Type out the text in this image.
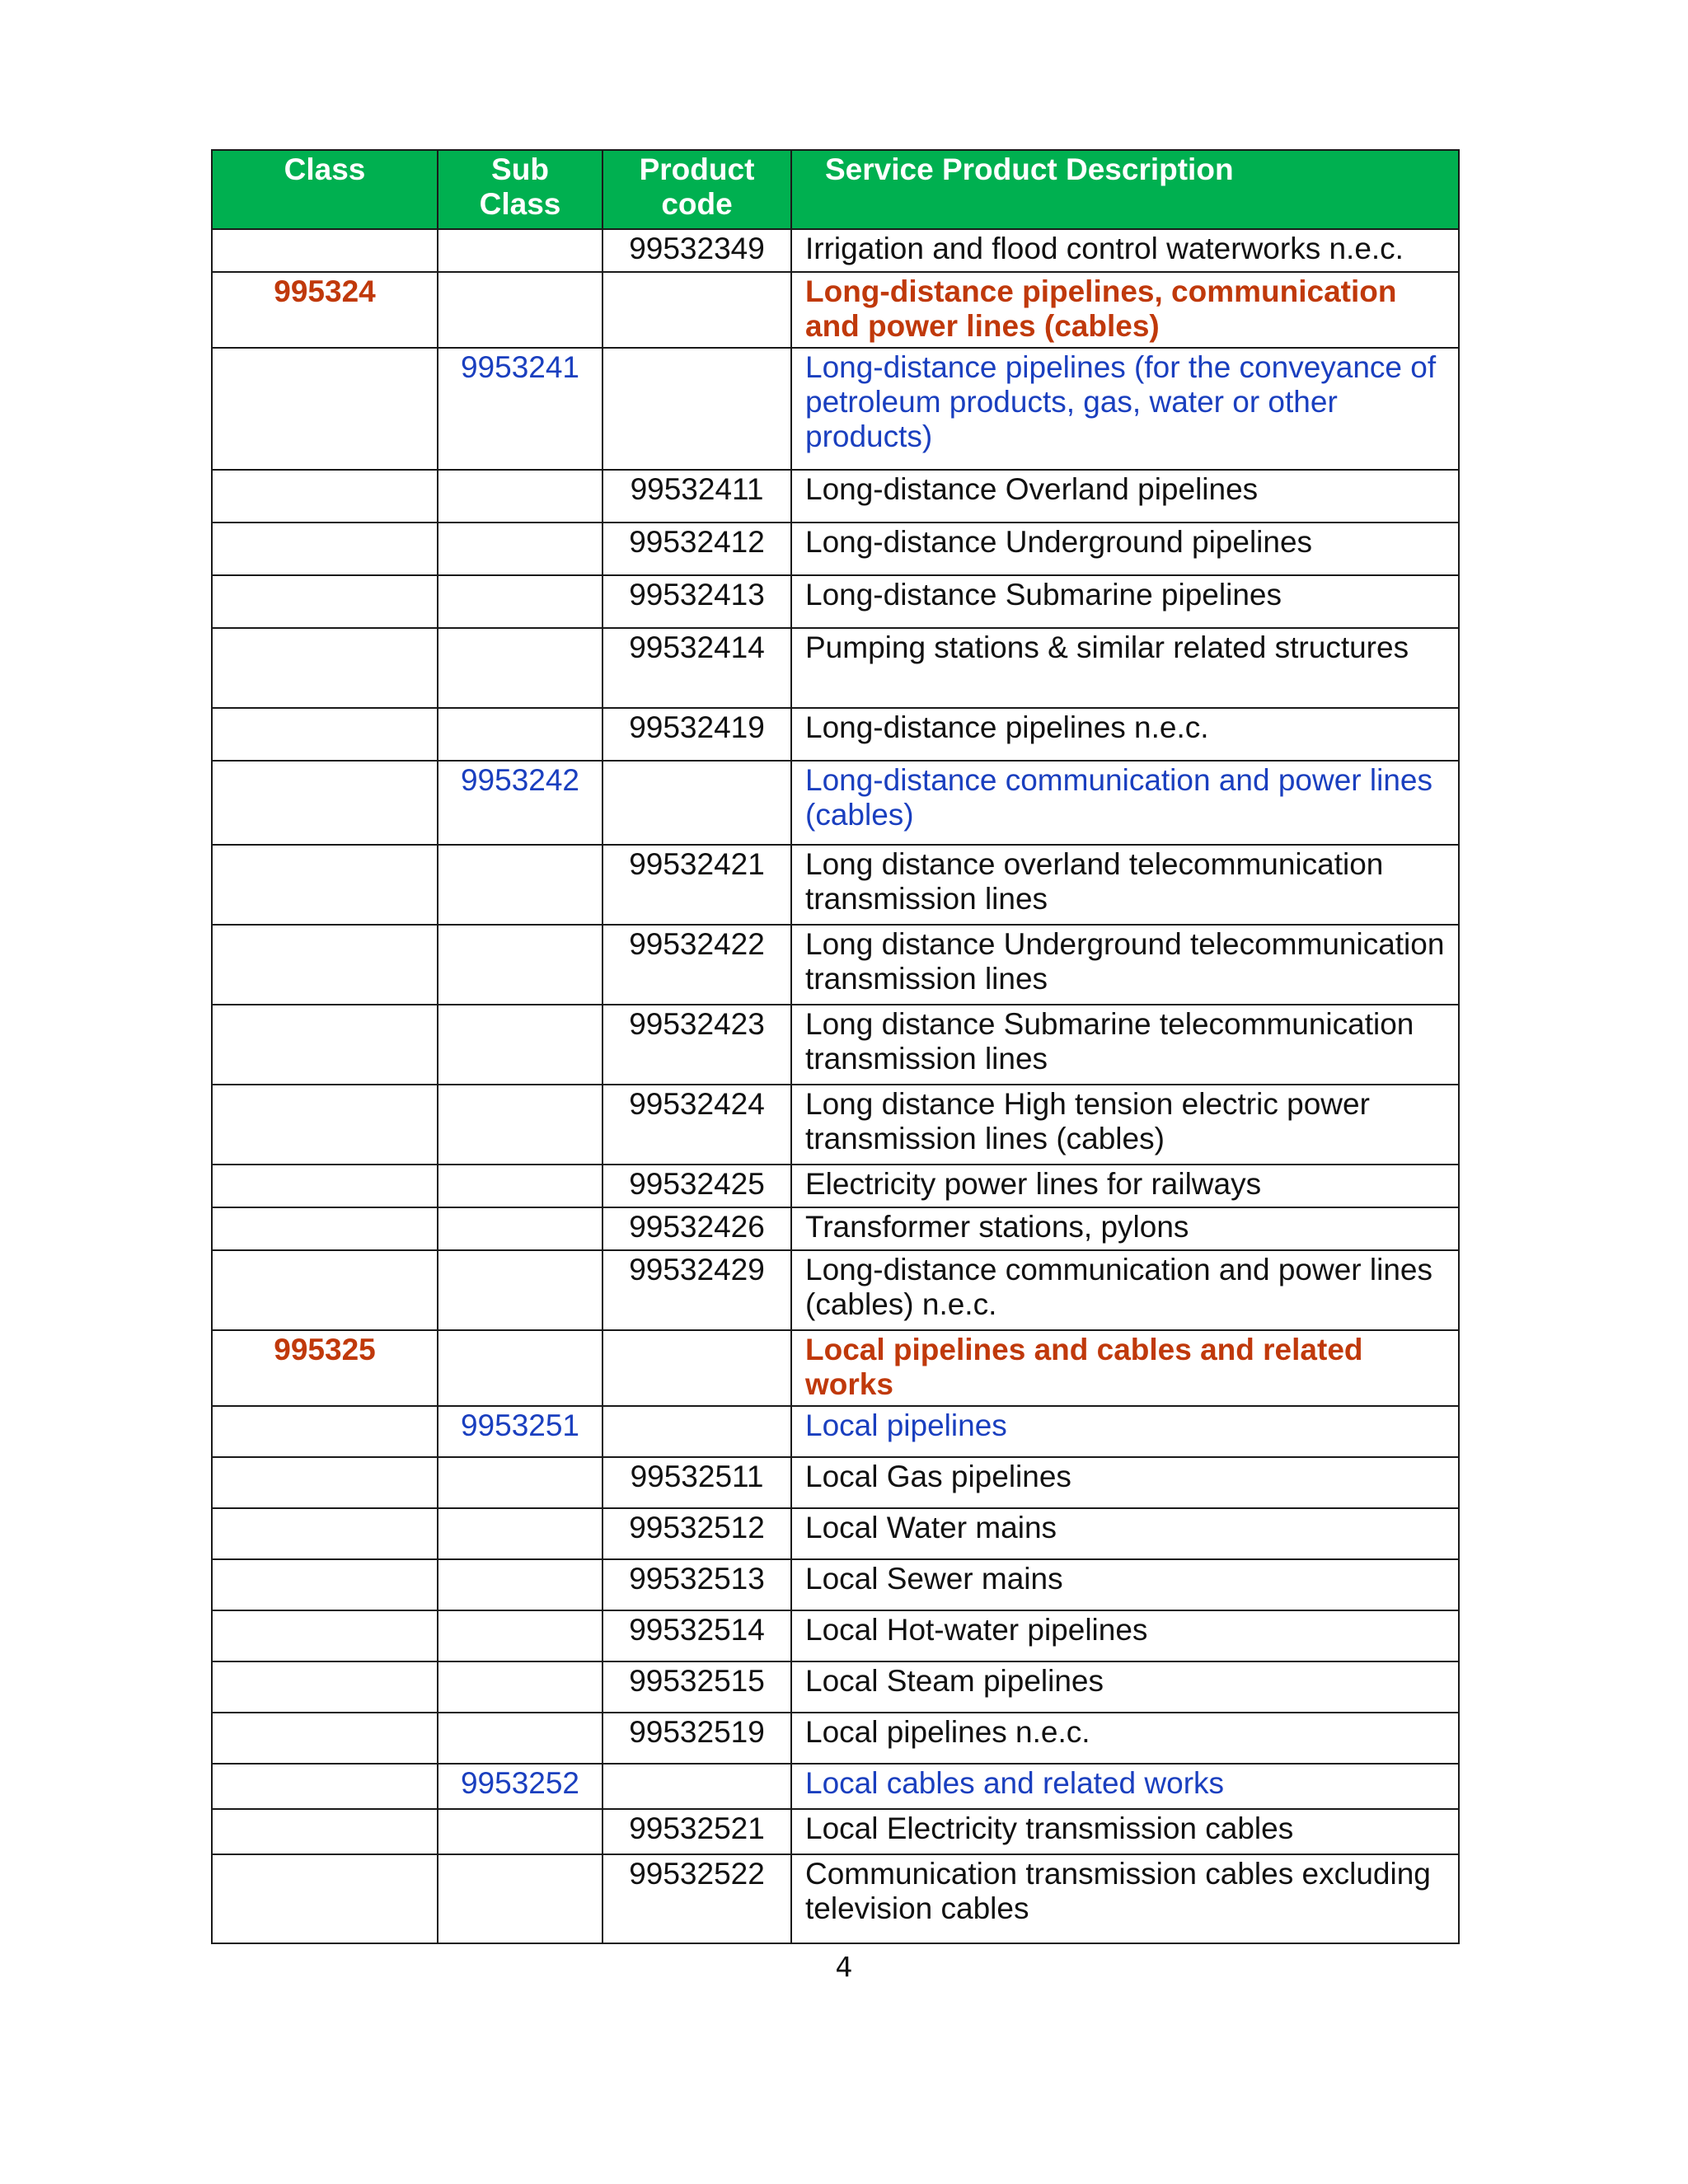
Class	Sub Class	Product code	Service Product Description
		99532349	Irrigation and flood control waterworks n.e.c.
995324			Long-distance pipelines, communication and power lines (cables)
	9953241		Long-distance pipelines (for the conveyance of petroleum products, gas, water or other products)
		99532411	Long-distance Overland pipelines
		99532412	Long-distance Underground pipelines
		99532413	Long-distance Submarine pipelines
		99532414	Pumping stations & similar related structures
		99532419	Long-distance pipelines n.e.c.
	9953242		Long-distance communication and power lines (cables)
		99532421	Long distance overland telecommunication transmission lines
		99532422	Long distance Underground telecommunication transmission lines
		99532423	Long distance Submarine telecommunication transmission lines
		99532424	Long distance High tension electric power transmission lines (cables)
		99532425	Electricity power lines for railways
		99532426	Transformer stations, pylons
		99532429	Long-distance communication and power lines (cables) n.e.c.
995325			Local pipelines and cables and related works
	9953251		Local pipelines
		99532511	Local Gas pipelines
		99532512	Local Water mains
		99532513	Local Sewer mains
		99532514	Local Hot-water pipelines
		99532515	Local Steam pipelines
		99532519	Local pipelines n.e.c.
	9953252		Local cables and related works
		99532521	Local Electricity transmission cables
		99532522	Communication transmission cables excluding television cables
4
